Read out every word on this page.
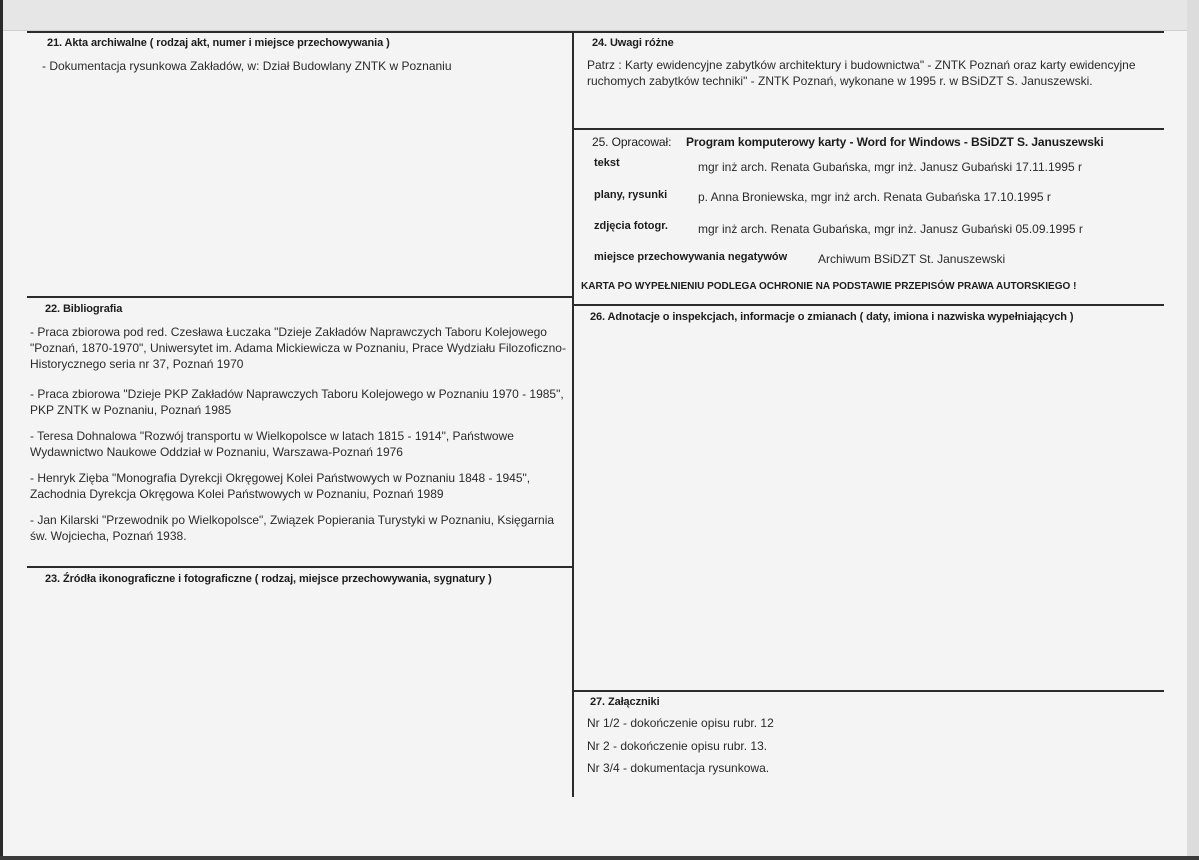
21. Akta archiwalne ( rodzaj akt, numer i miejsce przechowywania )
- Dokumentacja rysunkowa Zakładów, w: Dział Budowlany ZNTK w Poznaniu
24. Uwagi różne
Patrz : Karty ewidencyjne zabytków architektury i budownictwa" - ZNTK Poznań oraz karty ewidencyjne ruchomych zabytków techniki" - ZNTK Poznań, wykonane w 1995 r. w BSiDZT S. Januszewski.
25. Opracował: Program komputerowy karty - Word for Windows - BSiDZT S. Januszewski
tekst	mgr inż arch. Renata Gubańska, mgr inż. Janusz Gubański 17.11.1995 r
plany, rysunki	p. Anna Broniewska, mgr inż arch. Renata Gubańska 17.10.1995 r
zdjęcia fotogr.	mgr inż arch. Renata Gubańska, mgr inż. Janusz Gubański 05.09.1995 r
miejsce przechowywania negatywów	Archiwum BSiDZT St. Januszewski
KARTA PO WYPEŁNIENIU PODLEGA OCHRONIE NA PODSTAWIE PRZEPISÓW PRAWA AUTORSKIEGO !
22. Bibliografia
- Praca zbiorowa pod red. Czesława Łuczaka "Dzieje Zakładów Naprawczych Taboru Kolejowego "Poznań, 1870-1970", Uniwersytet im. Adama Mickiewicza w Poznaniu, Prace Wydziału Filozoficzno-Historycznego seria nr 37, Poznań 1970
- Praca zbiorowa "Dzieje PKP Zakładów Naprawczych Taboru Kolejowego w Poznaniu 1970 - 1985", PKP ZNTK w Poznaniu, Poznań 1985
- Teresa Dohnalowa "Rozwój transportu w Wielkopolsce w latach 1815 - 1914", Państwowe Wydawnictwo Naukowe Oddział w Poznaniu, Warszawa-Poznań 1976
- Henryk Zięba "Monografia Dyrekcji Okręgowej Kolei Państwowych w Poznaniu 1848 - 1945", Zachodnia Dyrekcja Okręgowa Kolei Państwowych w Poznaniu, Poznań 1989
- Jan Kilarski "Przewodnik po Wielkopolsce", Związek Popierania Turystyki w Poznaniu, Księgarnia św. Wojciecha, Poznań 1938.
26. Adnotacje o inspekcjach, informacje o zmianach ( daty, imiona i nazwiska wypełniających )
23. Źródła ikonograficzne i fotograficzne ( rodzaj, miejsce przechowywania, sygnatury )
27. Załączniki
Nr 1/2 - dokończenie opisu rubr. 12
Nr 2 - dokończenie opisu rubr. 13.
Nr 3/4 - dokumentacja rysunkowa.
